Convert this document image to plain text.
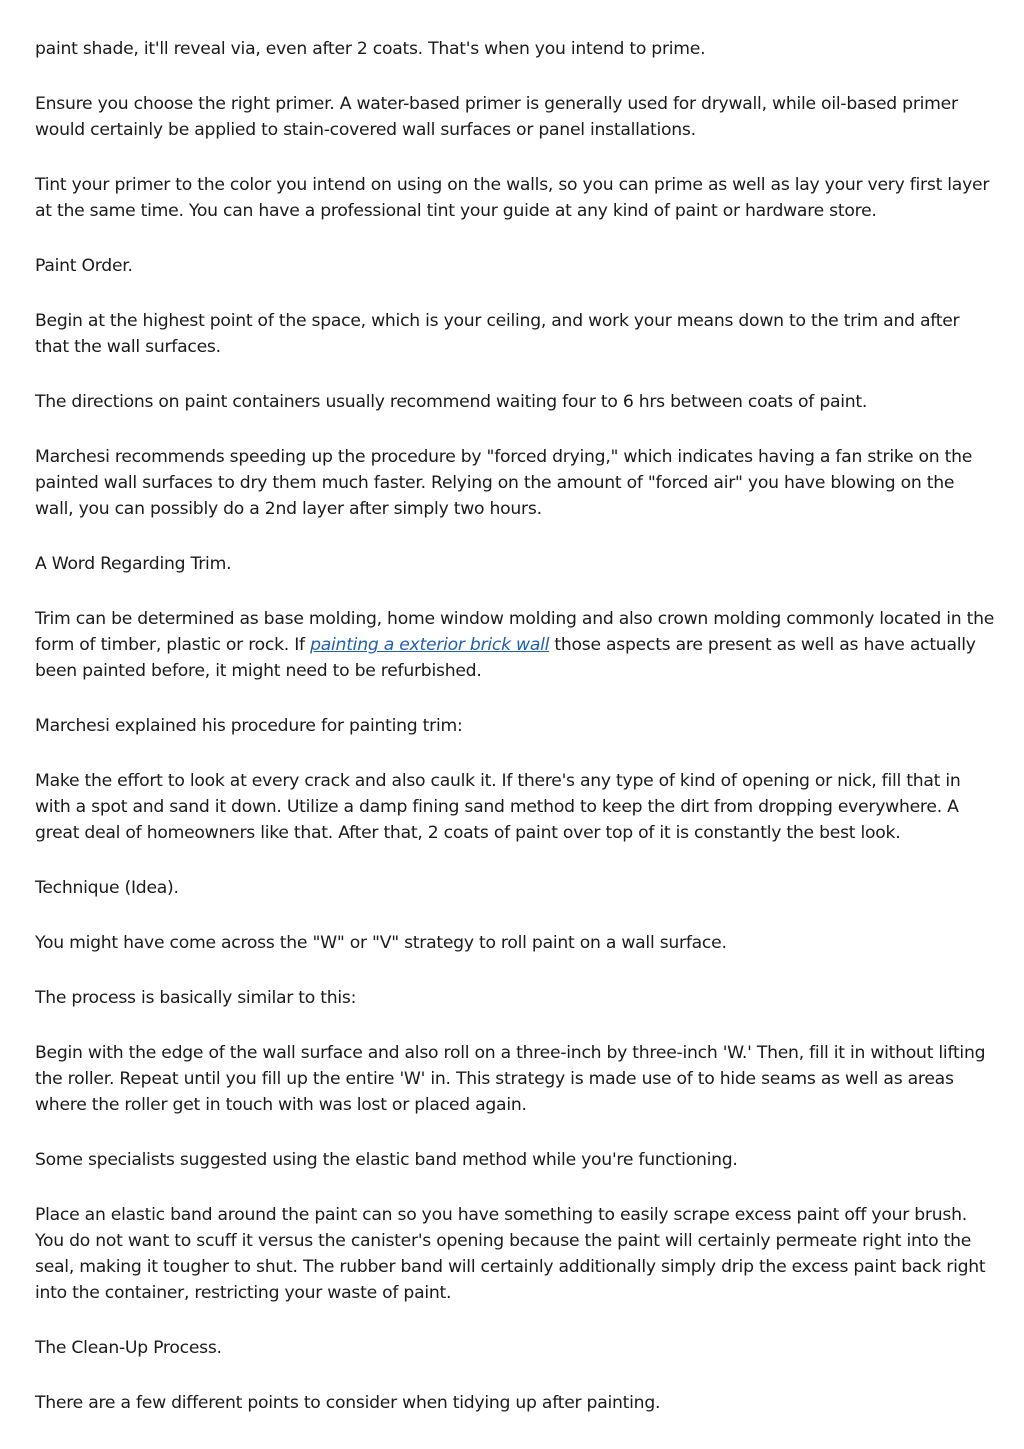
paint shade, it'll reveal via, even after 2 coats. That's when you intend to prime.

Ensure you choose the right primer. A water-based primer is generally used for drywall, while oil-based primer would certainly be applied to stain-covered wall surfaces or panel installations.

Tint your primer to the color you intend on using on the walls, so you can prime as well as lay your very first layer at the same time. You can have a professional tint your guide at any kind of paint or hardware store.

Paint Order.

Begin at the highest point of the space, which is your ceiling, and work your means down to the trim and after that the wall surfaces.

The directions on paint containers usually recommend waiting four to 6 hrs between coats of paint.

Marchesi recommends speeding up the procedure by "forced drying," which indicates having a fan strike on the painted wall surfaces to dry them much faster. Relying on the amount of "forced air" you have blowing on the wall, you can possibly do a 2nd layer after simply two hours.

A Word Regarding Trim.

Trim can be determined as base molding, home window molding and also crown molding commonly located in the form of timber, plastic or rock. If painting a exterior brick wall those aspects are present as well as have actually been painted before, it might need to be refurbished.

Marchesi explained his procedure for painting trim:

Make the effort to look at every crack and also caulk it. If there's any type of kind of opening or nick, fill that in with a spot and sand it down. Utilize a damp fining sand method to keep the dirt from dropping everywhere. A great deal of homeowners like that. After that, 2 coats of paint over top of it is constantly the best look.

Technique (Idea).

You might have come across the "W" or "V" strategy to roll paint on a wall surface.

The process is basically similar to this:

Begin with the edge of the wall surface and also roll on a three-inch by three-inch 'W.' Then, fill it in without lifting the roller. Repeat until you fill up the entire 'W' in. This strategy is made use of to hide seams as well as areas where the roller get in touch with was lost or placed again.

Some specialists suggested using the elastic band method while you're functioning.

Place an elastic band around the paint can so you have something to easily scrape excess paint off your brush. You do not want to scuff it versus the canister's opening because the paint will certainly permeate right into the seal, making it tougher to shut. The rubber band will certainly additionally simply drip the excess paint back right into the container, restricting your waste of paint.

The Clean-Up Process.

There are a few different points to consider when tidying up after painting.
